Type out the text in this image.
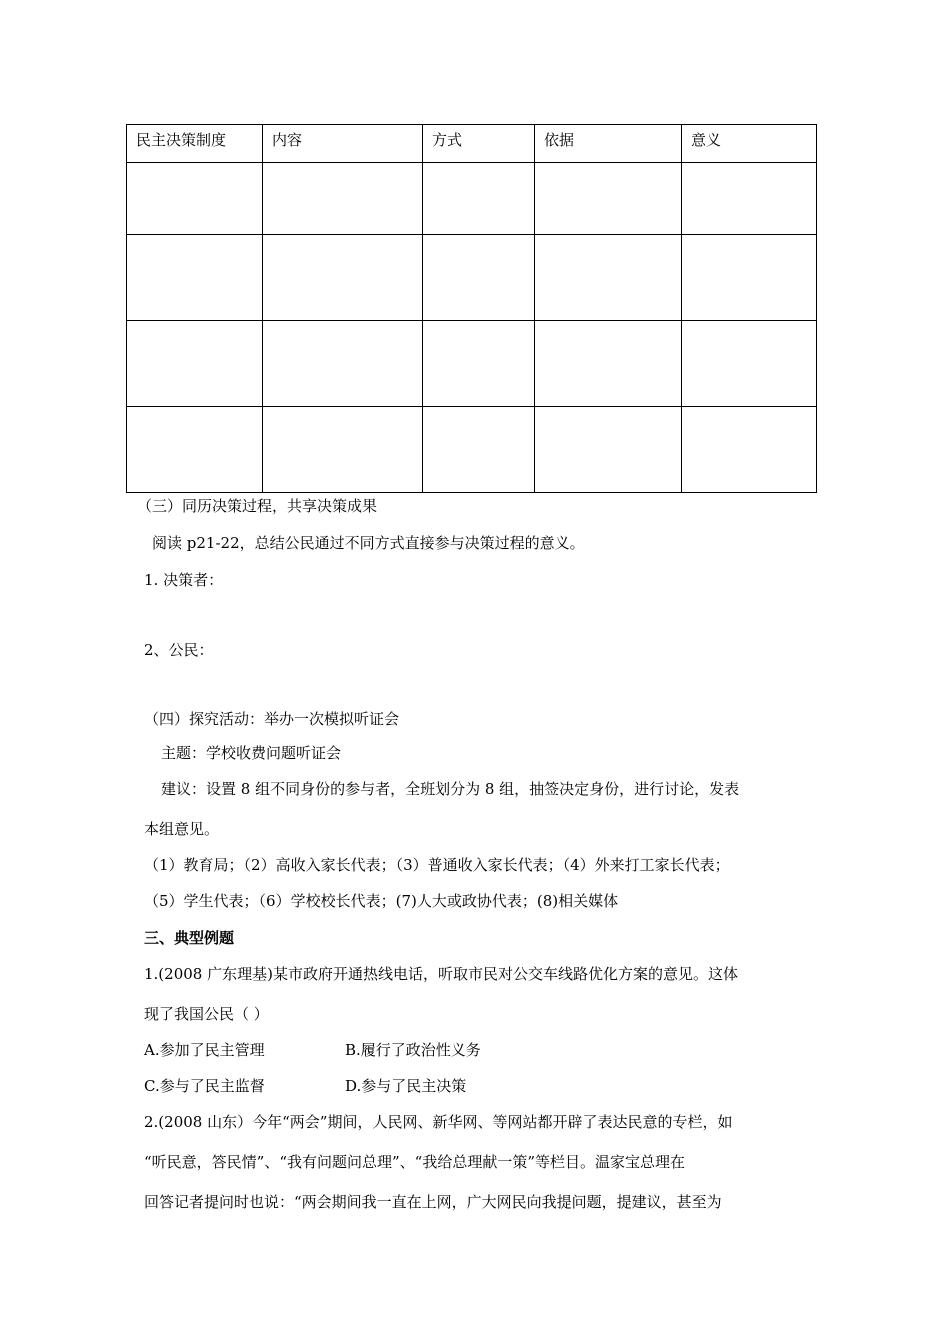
民主决策制度	内容	方式	依据	意义

（三）同历决策过程，共享决策成果
阅读 p21-22，总结公民通过不同方式直接参与决策过程的意义。
1. 决策者：
2、公民：
（四）探究活动：举办一次模拟听证会
主题：学校收费问题听证会
建议：设置 8 组不同身份的参与者，全班划分为 8 组，抽签决定身份，进行讨论，发表
本组意见。
（1）教育局；（2）高收入家长代表；（3）普通收入家长代表；（4）外来打工家长代表；
（5）学生代表；（6）学校校长代表；(7)人大或政协代表；(8)相关媒体
三、典型例题
1.(2008 广东理基)某市政府开通热线电话，听取市民对公交车线路优化方案的意见。这体
现了我国公民（ ）
A.参加了民主管理	B.履行了政治性义务
C.参与了民主监督	D.参与了民主决策
2.(2008 山东）今年“两会”期间，人民网、新华网、等网站都开辟了表达民意的专栏，如
“听民意，答民情”、“我有问题问总理”、“我给总理献一策”等栏目。温家宝总理在
回答记者提问时也说：“两会期间我一直在上网，广大网民向我提问题，提建议，甚至为
